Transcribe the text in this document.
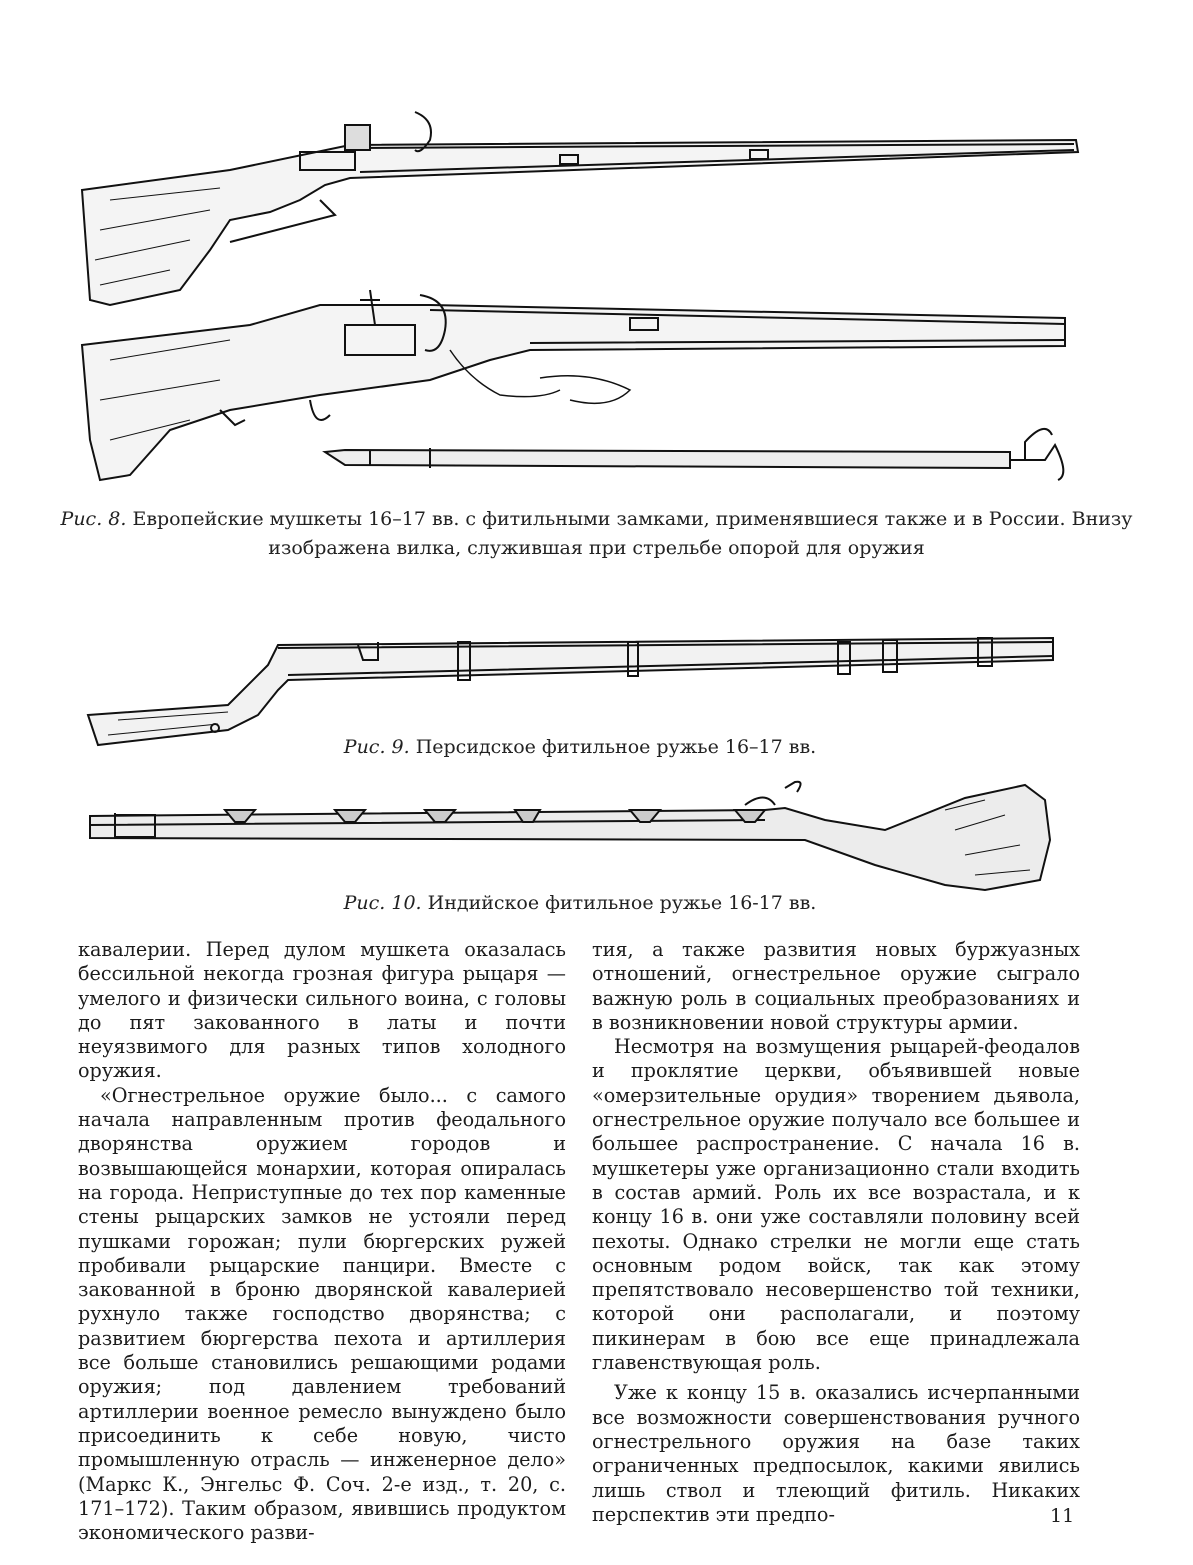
Рис. 8. Европейские мушкеты 16–17 вв. с фитильными замками, применявшиеся также и в России. Внизу
изображена вилка, служившая при стрельбе опорой для оружия
Рис. 9. Персидское фитильное ружье 16–17 вв.
Рис. 10. Индийское фитильное ружье 16-17 вв.

кавалерии. Перед дулом мушкета оказалась бессильной некогда грозная фигура рыцаря — умелого и физически сильного воина, с головы до пят закованного в латы и почти неуязвимого для разных типов холодного оружия.

«Огнестрельное оружие было... с самого начала направленным против феодального дворянства оружием городов и возвышающейся монархии, которая опиралась на города. Неприступные до тех пор каменные стены рыцарских замков не устояли перед пушками горожан; пули бюргерских ружей пробивали рыцарские панцири. Вместе с закованной в броню дворянской кавалерией рухнуло также господство дворянства; с развитием бюргерства пехота и артиллерия все больше становились решающими родами оружия; под давлением требований артиллерии военное ремесло вынуждено было присоединить к себе новую, чисто промышленную отрасль — инженерное дело» (Маркс К., Энгельс Ф. Соч. 2-е изд., т. 20, с. 171–172). Таким образом, явившись продуктом экономического разви-

тия, а также развития новых буржуазных отношений, огнестрельное оружие сыграло важную роль в социальных преобразованиях и в возникновении новой структуры армии.

Несмотря на возмущения рыцарей-феодалов и проклятие церкви, объявившей новые «омерзительные орудия» творением дьявола, огнестрельное оружие получало все большее и большее распространение. С начала 16 в. мушкетеры уже организационно стали входить в состав армий. Роль их все возрастала, и к концу 16 в. они уже составляли половину всей пехоты. Однако стрелки не могли еще стать основным родом войск, так как этому препятствовало несовершенство той техники, которой они располагали, и поэтому пикинерам в бою все еще принадлежала главенствующая роль.

Уже к концу 15 в. оказались исчерпанными все возможности совершенствования ручного огнестрельного оружия на базе таких ограниченных предпосылок, какими явились лишь ствол и тлеющий фитиль. Никаких перспектив эти предпо-	11
